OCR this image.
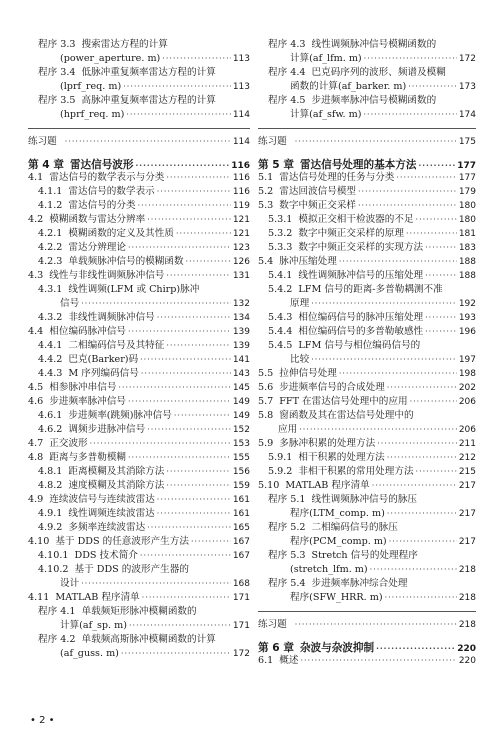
程序 3.3 搜索雷达方程的计算
(power_aperture. m) ·····	113
程序 3.4 低脉冲重复频率雷达方程的计算
(lprf_req. m) ·····	113
程序 3.5 高脉冲重复频率雷达方程的计算
(hprf_req. m) ·····	114
练习题 ·····	114
第 4 章 雷达信号波形 ·····	116
4.1 雷达信号的数学表示与分类 ·····	116
4.1.1 雷达信号的数学表示 ·····	116
4.1.2 雷达信号的分类 ·····	119
4.2 模糊函数与雷达分辨率 ·····	121
4.2.1 模糊函数的定义及其性质 ·····	121
4.2.2 雷达分辨理论 ·····	123
4.2.3 单载频脉冲信号的模糊函数 ·····	126
4.3 线性与非线性调频脉冲信号 ·····	131
4.3.1 线性调频(LFM 或 Chirp)脉冲
信号 ·····	132
4.3.2 非线性调频脉冲信号 ·····	134
4.4 相位编码脉冲信号 ·····	139
4.4.1 二相编码信号及其特征 ·····	139
4.4.2 巴克(Barker)码 ·····	141
4.4.3 M 序列编码信号 ·····	143
4.5 相参脉冲串信号 ·····	145
4.6 步进频率脉冲信号 ·····	149
4.6.1 步进频率(跳频)脉冲信号 ·····	149
4.6.2 调频步进脉冲信号 ·····	152
4.7 正交波形 ·····	153
4.8 距离与多普勒模糊 ·····	155
4.8.1 距离模糊及其消除方法 ·····	156
4.8.2 速度模糊及其消除方法 ·····	159
4.9 连续波信号与连续波雷达 ·····	161
4.9.1 线性调频连续波雷达 ·····	161
4.9.2 多频率连续波雷达 ·····	165
4.10 基于 DDS 的任意波形产生方法 ·····	167
4.10.1 DDS 技术简介 ·····	167
4.10.2 基于 DDS 的波形产生器的
设计 ·····	168
4.11 MATLAB 程序清单 ·····	171
程序 4.1 单载频矩形脉冲模糊函数的
计算(af_sp. m) ·····	171
程序 4.2 单载频高斯脉冲模糊函数的计算
(af_guss. m) ·····	172
程序 4.3 线性调频脉冲信号模糊函数的
计算(af_lfm. m) ·····	172
程序 4.4 巴克码序列的波形、频谱及模糊
函数的计算(af_barker. m) ·····	173
程序 4.5 步进频率脉冲信号模糊函数的
计算(af_sfw. m) ·····	174
练习题 ·····	175
第 5 章 雷达信号处理的基本方法 ·····	177
5.1 雷达信号处理的任务与分类 ·····	177
5.2 雷达回波信号模型 ·····	179
5.3 数字中频正交采样 ·····	180
5.3.1 模拟正交相干检波器的不足 ·····	180
5.3.2 数字中频正交采样的原理 ·····	181
5.3.3 数字中频正交采样的实现方法 ·····	183
5.4 脉冲压缩处理 ·····	188
5.4.1 线性调频脉冲信号的压缩处理 ·····	188
5.4.2 LFM 信号的距离-多普勒耦测不准
原理 ·····	192
5.4.3 相位编码信号的脉冲压缩处理 ·····	193
5.4.4 相位编码信号的多普勒敏感性 ·····	196
5.4.5 LFM 信号与相位编码信号的
比较 ·····	197
5.5 拉伸信号处理 ·····	198
5.6 步进频率信号的合成处理 ·····	202
5.7 FFT 在雷达信号处理中的应用 ·····	206
5.8 窗函数及其在雷达信号处理中的
应用 ·····	206
5.9 多脉冲积累的处理方法 ·····	211
5.9.1 相干积累的处理方法 ·····	212
5.9.2 非相干积累的常用处理方法 ·····	215
5.10 MATLAB 程序清单 ·····	217
程序 5.1 线性调频脉冲信号的脉压
程序(LTM_comp. m) ·····	217
程序 5.2 二相编码信号的脉压
程序(PCM_comp. m) ·····	217
程序 5.3 Stretch 信号的处理程序
(stretch_lfm. m) ·····	218
程序 5.4 步进频率脉冲综合处理
程序(SFW_HRR. m) ·····	218
练习题 ·····	218
第 6 章 杂波与杂波抑制 ·····	220
6.1 概述 ·····	220
• 2 •
